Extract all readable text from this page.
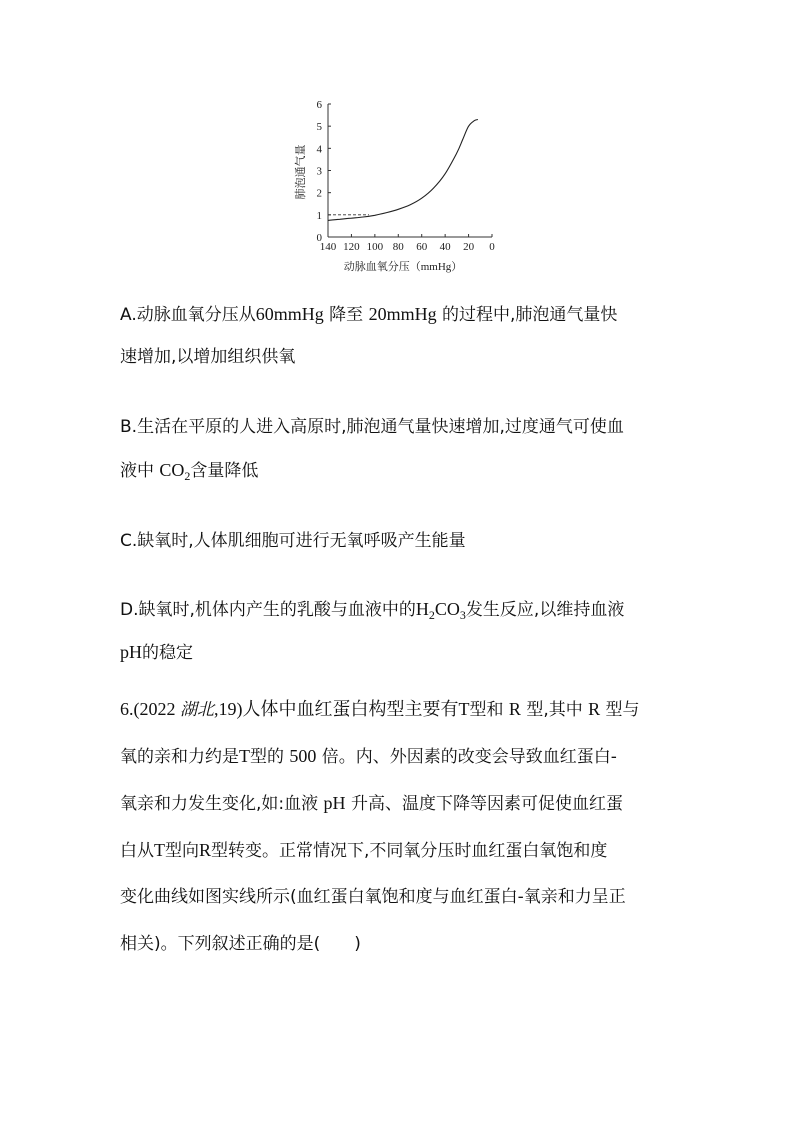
0
1
2
3
4
5
6
140 120 100 80 60 40 20 0
肺泡通气量
动脉血氧分压（mmHg）
A.动脉血氧分压从60mmHg 降至 20mmHg 的过程中,肺泡通气量快
速增加,以增加组织供氧
B.生活在平原的人进入高原时,肺泡通气量快速增加,过度通气可使血
液中 $CO_2$含量降低
C.缺氧时,人体肌细胞可进行无氧呼吸产生能量
D.缺氧时,机体内产生的乳酸与血液中的$H_2CO_3$发生反应,以维持血液
pH的稳定
6.(2022 湖北,19)人体中血红蛋白构型主要有T型和 R 型,其中 R 型与
氧的亲和力约是T型的 500 倍。内、外因素的改变会导致血红蛋白-
氧亲和力发生变化,如:血液 pH 升高、温度下降等因素可促使血红蛋
白从T型向R型转变。正常情况下,不同氧分压时血红蛋白氧饱和度
变化曲线如图实线所示(血红蛋白氧饱和度与血红蛋白-氧亲和力呈正
相关)。下列叙述正确的是(　　)
